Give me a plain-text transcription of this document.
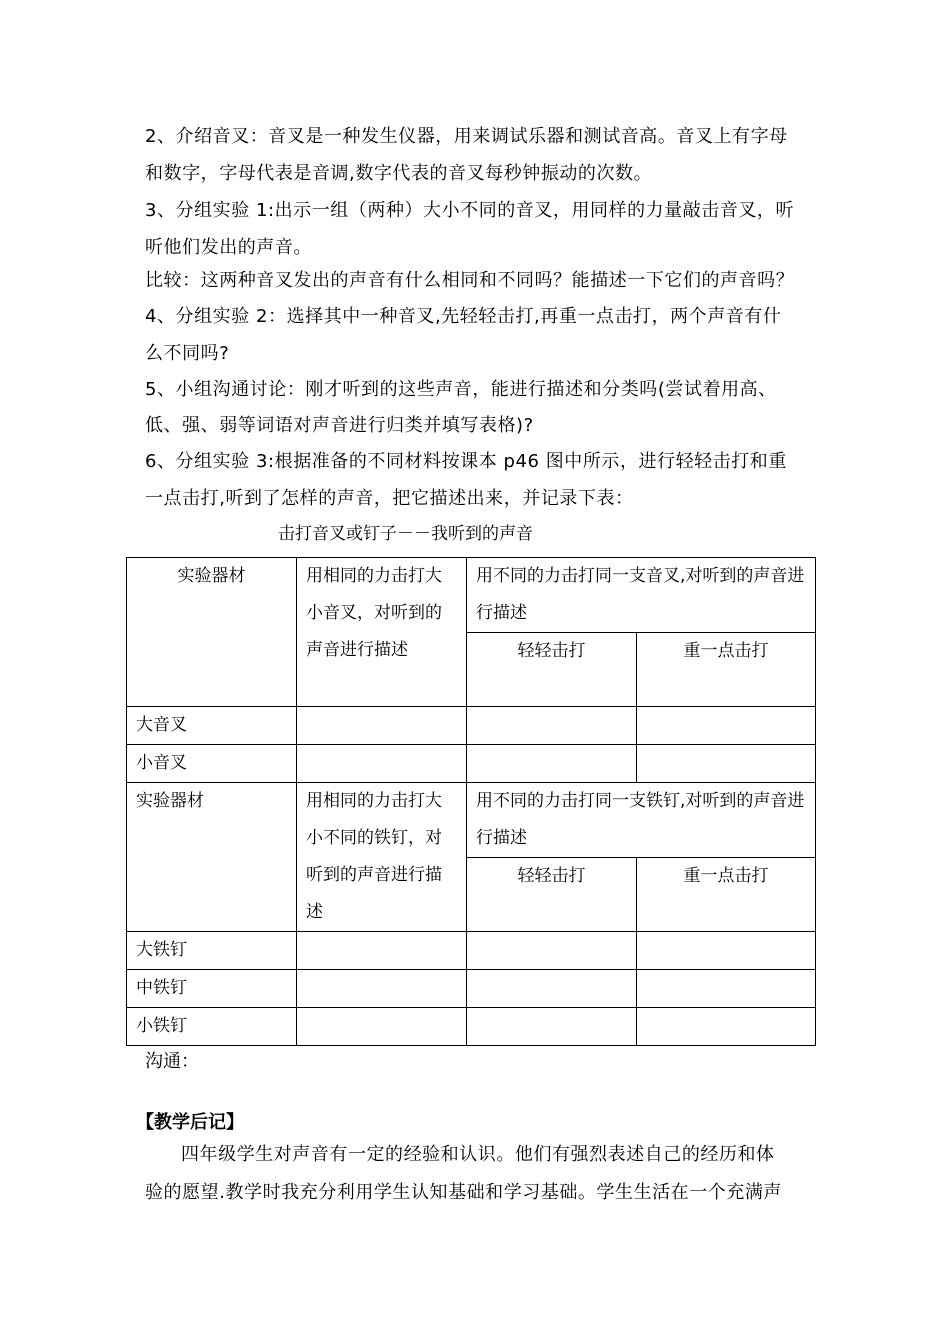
2、介绍音叉：音叉是一种发生仪器，用来调试乐器和测试音高。音叉上有字母
和数字，字母代表是音调,数字代表的音叉每秒钟振动的次数。
3、分组实验 1:出示一组（两种）大小不同的音叉，用同样的力量敲击音叉，听
听他们发出的声音。
比较：这两种音叉发出的声音有什么相同和不同吗？能描述一下它们的声音吗？
4、分组实验 2：选择其中一种音叉,先轻轻击打,再重一点击打，两个声音有什
么不同吗?
5、小组沟通讨论：刚才听到的这些声音，能进行描述和分类吗(尝试着用高、
低、强、弱等词语对声音进行归类并填写表格)?
6、分组实验 3:根据准备的不同材料按课本 p46 图中所示，进行轻轻击打和重
一点击打,听到了怎样的声音，把它描述出来，并记录下表：
击打音叉或钉子－－我听到的声音
实验器材	用相同的力击打大小音叉，对听到的声音进行描述	用不同的力击打同一支音叉,对听到的声音进行描述	
		轻轻击打	重一点击打
大音叉			
小音叉			
实验器材	用相同的力击打大小不同的铁钉，对听到的声音进行描述	用不同的力击打同一支铁钉,对听到的声音进行描述	
		轻轻击打	重一点击打
大铁钉			
中铁钉			
小铁钉			
沟通：
【教学后记】
四年级学生对声音有一定的经验和认识。他们有强烈表述自己的经历和体
验的愿望.教学时我充分利用学生认知基础和学习基础。学生生活在一个充满声
